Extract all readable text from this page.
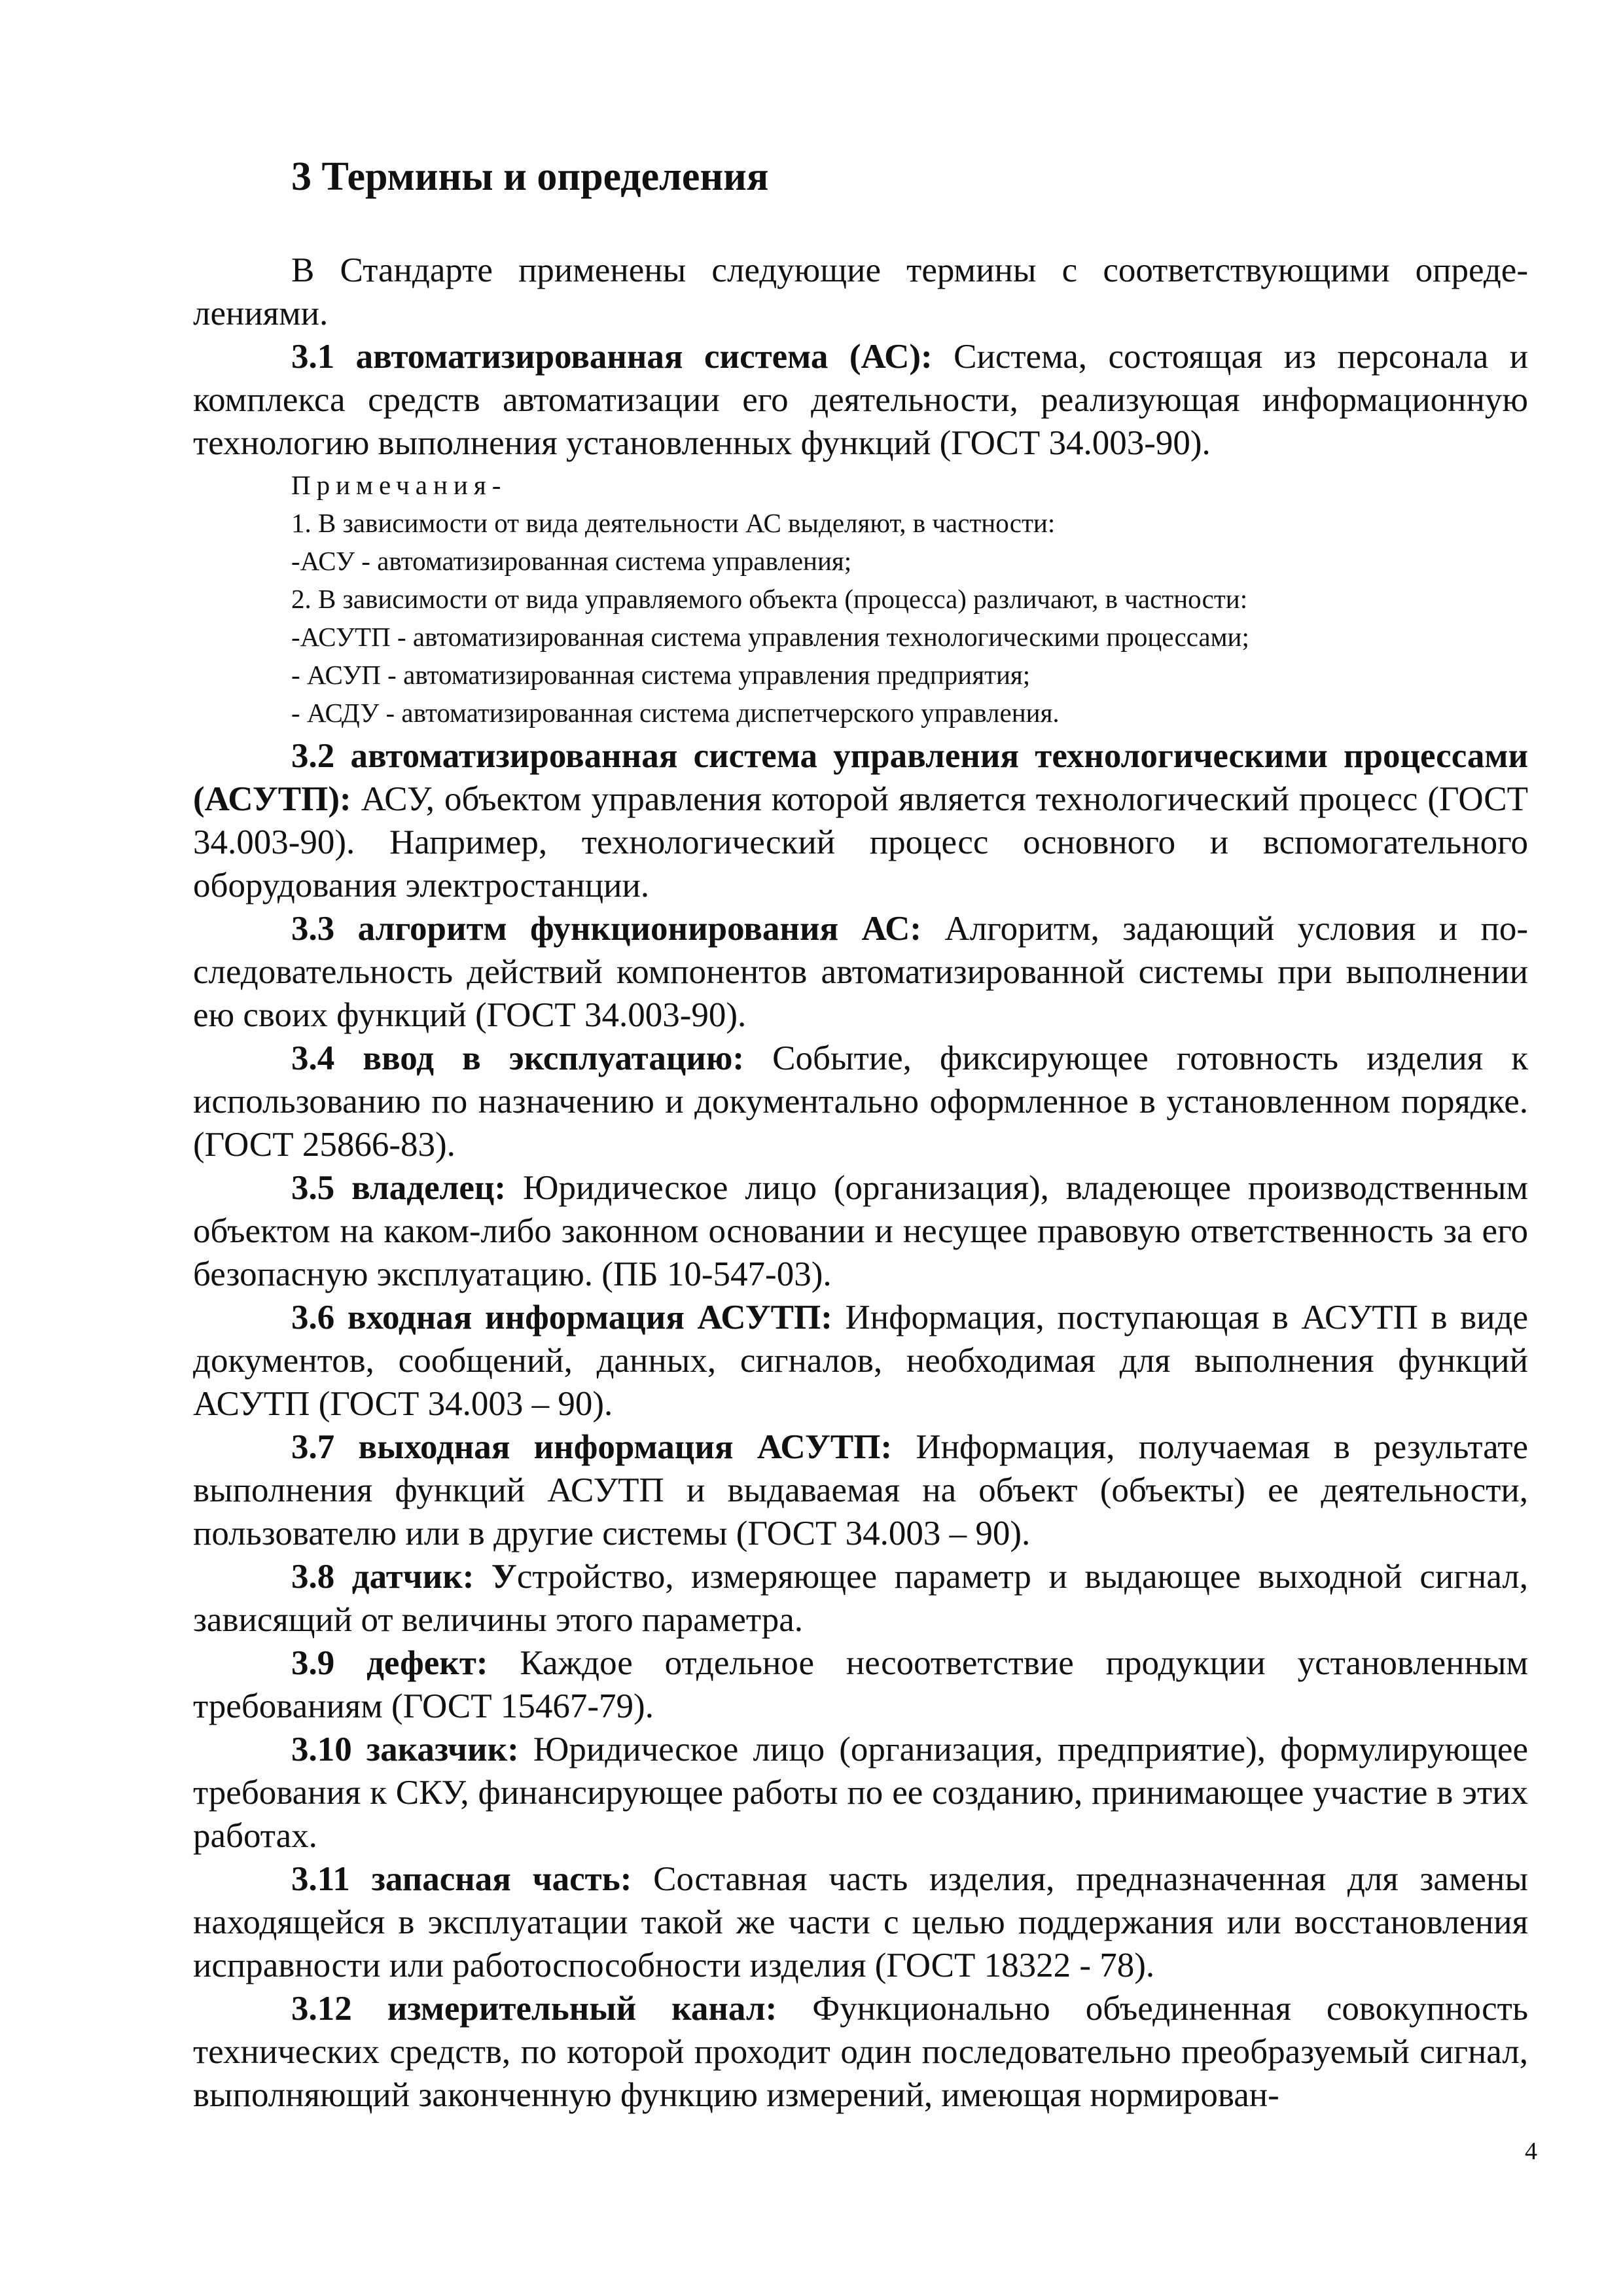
3 Термины и определения

В Стандарте применены следующие термины с соответствующими определениями.

3.1 автоматизированная система (АС): Система, состоящая из персонала и комплекса средств автоматизации его деятельности, реализующая информационную технологию выполнения установленных функций (ГОСТ 34.003-90).

Примечания-
1. В зависимости от вида деятельности АС выделяют, в частности:
-АСУ - автоматизированная система управления;
2. В зависимости от вида управляемого объекта (процесса) различают, в частности:
-АСУТП - автоматизированная система управления технологическими процессами;
- АСУП - автоматизированная система управления предприятия;
- АСДУ - автоматизированная система диспетчерского управления.

3.2 автоматизированная система управления технологическими процессами (АСУТП): АСУ, объектом управления которой является технологический процесс (ГОСТ 34.003-90). Например, технологический процесс основного и вспомогательного оборудования электростанции.

3.3 алгоритм функционирования АС: Алгоритм, задающий условия и последовательность действий компонентов автоматизированной системы при выполнении ею своих функций (ГОСТ 34.003-90).

3.4 ввод в эксплуатацию: Событие, фиксирующее готовность изделия к использованию по назначению и документально оформленное в установленном порядке.(ГОСТ 25866-83).

3.5 владелец: Юридическое лицо (организация), владеющее производственным объектом на каком-либо законном основании и несущее правовую ответственность за его безопасную эксплуатацию. (ПБ 10-547-03).

3.6 входная информация АСУТП: Информация, поступающая в АСУТП в виде документов, сообщений, данных, сигналов, необходимая для выполнения функций АСУТП (ГОСТ 34.003 – 90).

3.7 выходная информация АСУТП: Информация, получаемая в результате выполнения функций АСУТП и выдаваемая на объект (объекты) ее деятельности, пользователю или в другие системы (ГОСТ 34.003 – 90).

3.8 датчик: Устройство, измеряющее параметр и выдающее выходной сигнал, зависящий от величины этого параметра.

3.9 дефект: Каждое отдельное несоответствие продукции установленным требованиям (ГОСТ 15467-79).

3.10 заказчик: Юридическое лицо (организация, предприятие), формулирующее требования к СКУ, финансирующее работы по ее созданию, принимающее участие в этих работах.

3.11 запасная часть: Составная часть изделия, предназначенная для замены находящейся в эксплуатации такой же части с целью поддержания или восстановления исправности или работоспособности изделия (ГОСТ 18322 - 78).

3.12 измерительный канал: Функционально объединенная совокупность технических средств, по которой проходит один последовательно преобразуемый сигнал, выполняющий законченную функцию измерений, имеющая нормирован-

4
